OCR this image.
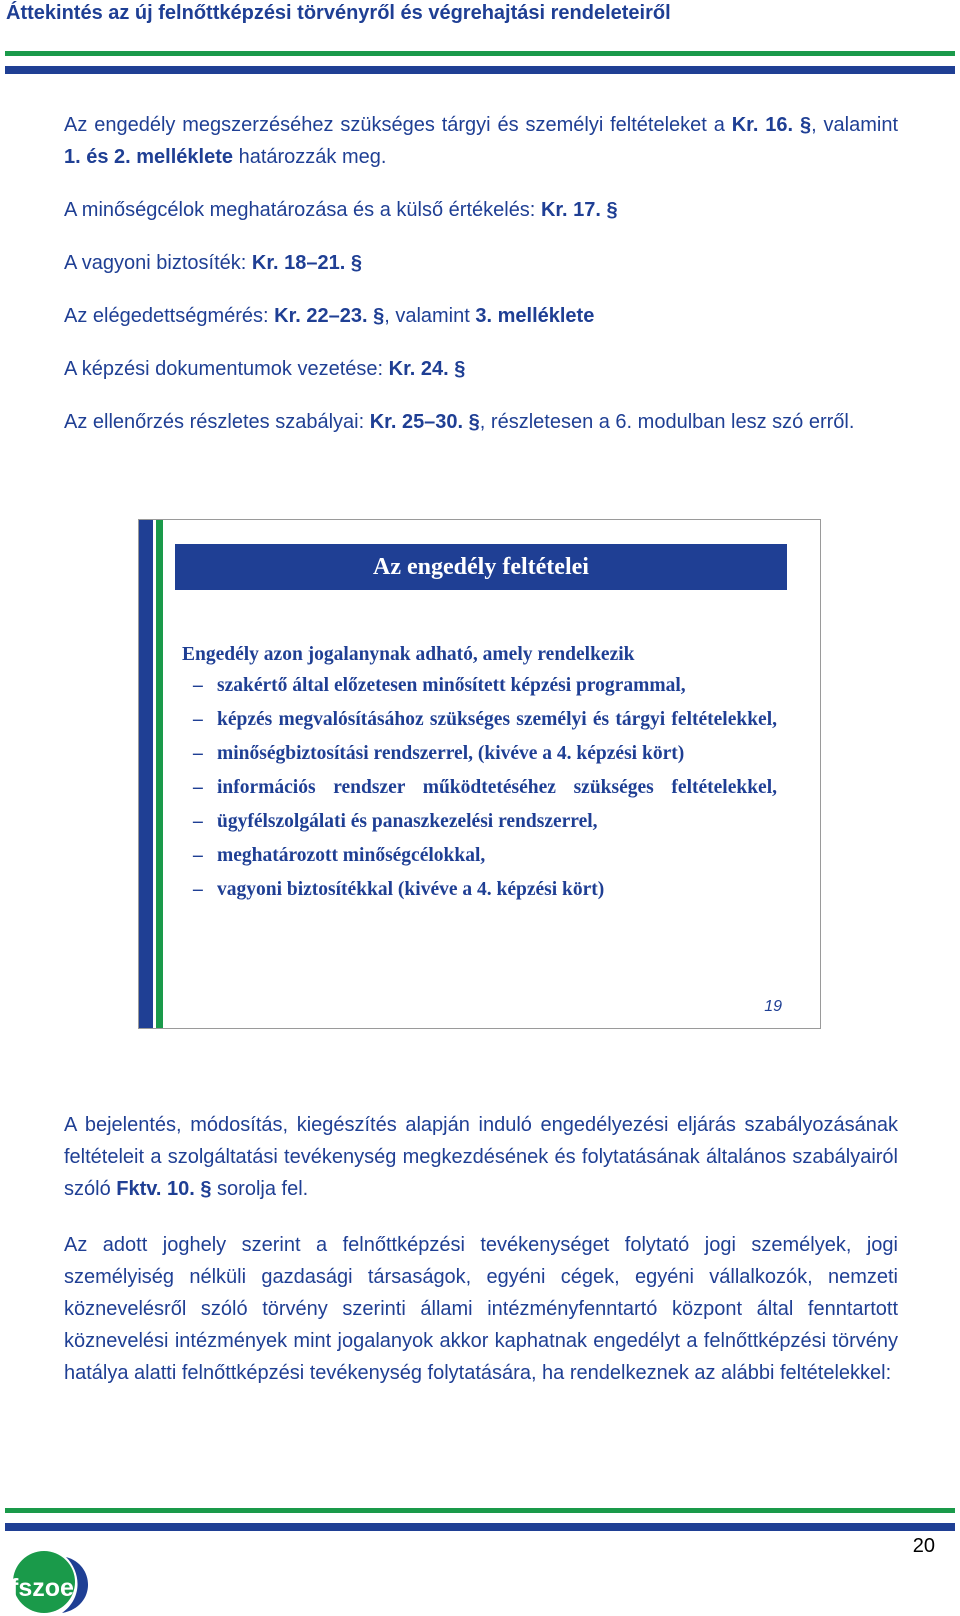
Áttekintés az új felnőttképzési törvényről és végrehajtási rendeleteiről
Az engedély megszerzéséhez szükséges tárgyi és személyi feltételeket a Kr. 16. §, valamint 1. és 2. melléklete határozzák meg.
A minőségcélok meghatározása és a külső értékelés: Kr. 17. §
A vagyoni biztosíték: Kr. 18–21. §
Az elégedettségmérés: Kr. 22–23. §, valamint 3. melléklete
A képzési dokumentumok vezetése: Kr. 24. §
Az ellenőrzés részletes szabályai: Kr. 25–30. §, részletesen a 6. modulban lesz szó erről.
Az engedély feltételei
Engedély azon jogalanynak adható, amely rendelkezik
– szakértő által előzetesen minősített képzési programmal,
– képzés megvalósításához szükséges személyi és tárgyi feltételekkel,
– minőségbiztosítási rendszerrel, (kivéve a 4. képzési kört)
– információs rendszer működtetéséhez szükséges feltételekkel,
– ügyfélszolgálati és panaszkezelési rendszerrel,
– meghatározott minőségcélokkal,
– vagyoni biztosítékkal (kivéve a 4. képzési kört)
19
A bejelentés, módosítás, kiegészítés alapján induló engedélyezési eljárás szabályozásának feltételeit a szolgáltatási tevékenység megkezdésének és folytatásának általános szabályairól szóló Fktv. 10. § sorolja fel.
Az adott joghely szerint a felnőttképzési tevékenységet folytató jogi személyek, jogi személyiség nélküli gazdasági társaságok, egyéni cégek, egyéni vállalkozók, nemzeti köznevelésről szóló törvény szerinti állami intézményfenntartó központ által fenntartott köznevelési intézmények mint jogalanyok akkor kaphatnak engedélyt a felnőttképzési törvény hatálya alatti felnőttképzési tevékenység folytatására, ha rendelkeznek az alábbi feltételekkel:
fszoe
20
